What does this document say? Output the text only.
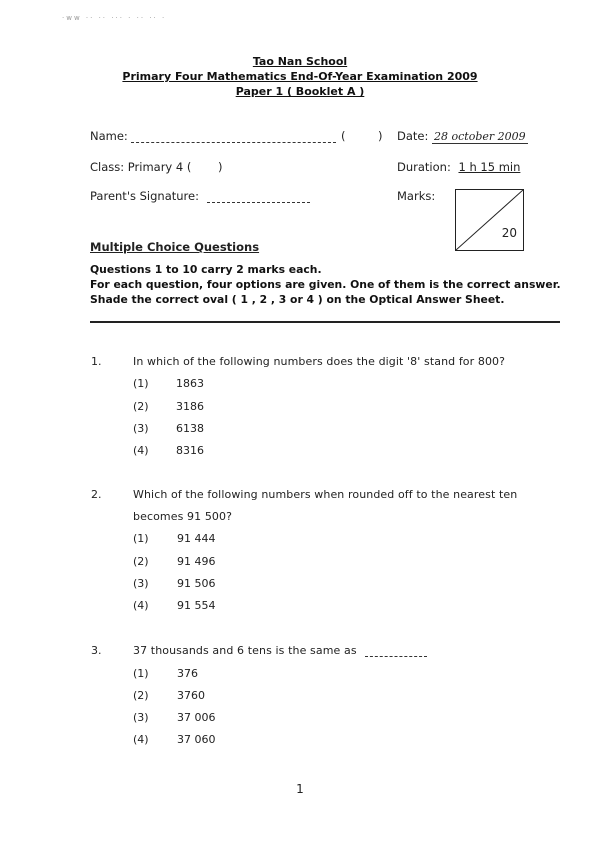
·ww ·· ·· ··· · ·· ·· ·
Tao Nan School
Primary Four Mathematics End-Of-Year Examination 2009
Paper 1 ( Booklet A )
Name:	(	) Date: 28 october 2009
Class: Primary 4 ( )	Duration: 1 h 15 min
Parent's Signature:	Marks:
20
Multiple Choice Questions
Questions 1 to 10 carry 2 marks each.
For each question, four options are given. One of them is the correct answer.
Shade the correct oval ( 1 , 2 , 3 or 4 ) on the Optical Answer Sheet.
1.	In which of the following numbers does the digit '8' stand for 800?
(1) 1863
(2) 3186
(3) 6138
(4) 8316
2.	Which of the following numbers when rounded off to the nearest ten
becomes 91 500?
(1)	91 444
(2)	91 496
(3)	91 506
(4)	91 554
3.	37 thousands and 6 tens is the same as
(1)	376
(2)	3760
(3)	37 006
(4)	37 060
1
